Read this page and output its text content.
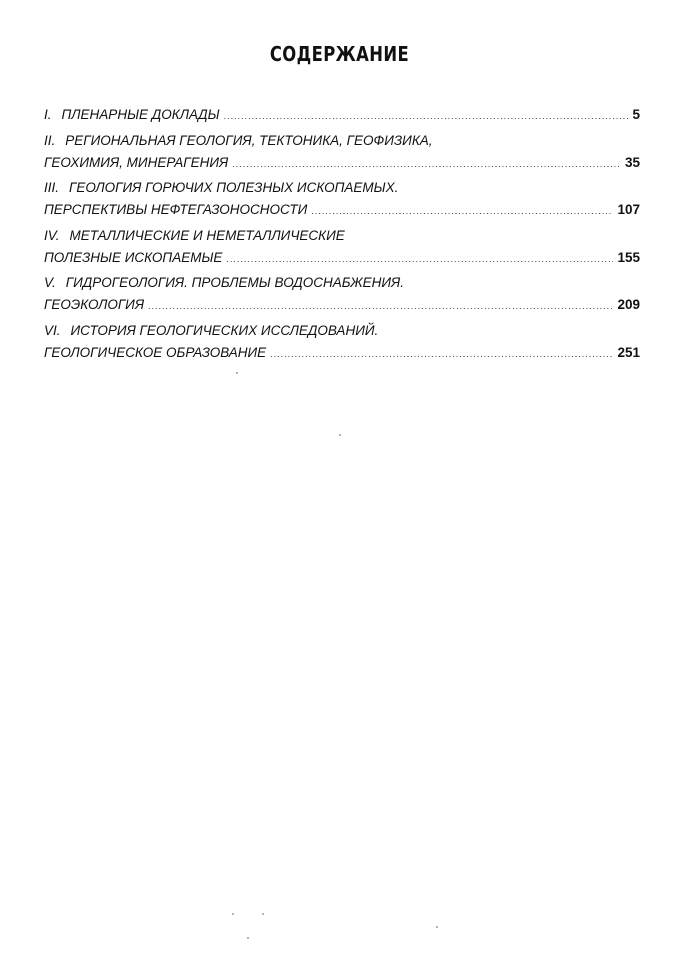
СОДЕРЖАНИЕ
I. ПЛЕНАРНЫЕ ДОКЛАДЫ .....	5
II. РЕГИОНАЛЬНАЯ ГЕОЛОГИЯ, ТЕКТОНИКА, ГЕОФИЗИКА,
ГЕОХИМИЯ, МИНЕРАГЕНИЯ .....	35
III. ГЕОЛОГИЯ ГОРЮЧИХ ПОЛЕЗНЫХ ИСКОПАЕМЫХ.
ПЕРСПЕКТИВЫ НЕФТЕГАЗОНОСНОСТИ .....	107
IV. МЕТАЛЛИЧЕСКИЕ И НЕМЕТАЛЛИЧЕСКИЕ
ПОЛЕЗНЫЕ ИСКОПАЕМЫЕ .....	155
V. ГИДРОГЕОЛОГИЯ. ПРОБЛЕМЫ ВОДОСНАБЖЕНИЯ.
ГЕОЭКОЛОГИЯ .....	209
VI. ИСТОРИЯ ГЕОЛОГИЧЕСКИХ ИССЛЕДОВАНИЙ.
ГЕОЛОГИЧЕСКОЕ ОБРАЗОВАНИЕ .....	251
